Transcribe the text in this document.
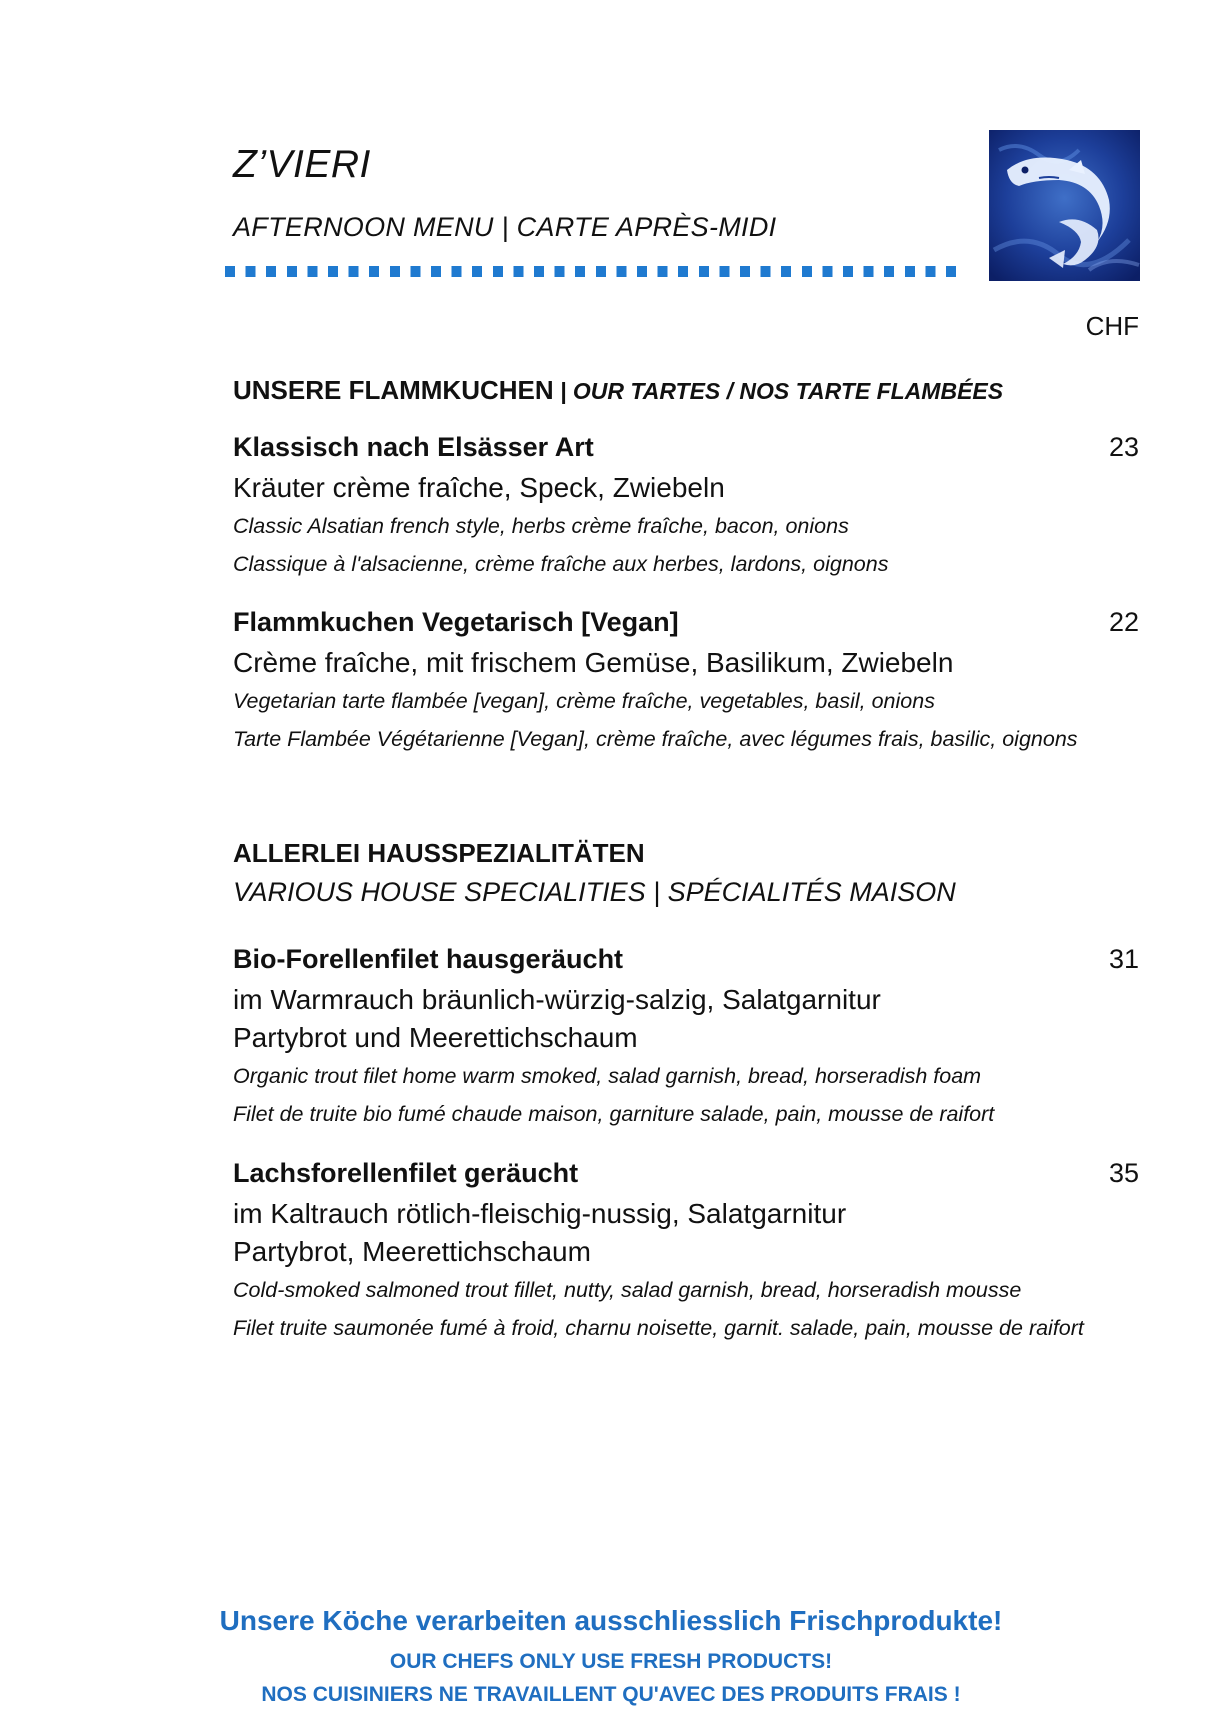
Z’VIERI
AFTERNOON MENU | CARTE APRÈS-MIDI
CHF
UNSERE FLAMMKUCHEN | OUR TARTES / NOS TARTE FLAMBÉES
Klassisch nach Elsässer Art	23
Kräuter crème fraîche, Speck, Zwiebeln
Classic Alsatian french style, herbs crème fraîche, bacon, onions
Classique à l'alsacienne, crème fraîche aux herbes, lardons, oignons
Flammkuchen Vegetarisch [Vegan]	22
Crème fraîche, mit frischem Gemüse, Basilikum, Zwiebeln
Vegetarian tarte flambée [vegan], crème fraîche, vegetables, basil, onions
Tarte Flambée Végétarienne [Vegan], crème fraîche, avec légumes frais, basilic, oignons
ALLERLEI HAUSSPEZIALITÄTEN
VARIOUS HOUSE SPECIALITIES | SPÉCIALITÉS MAISON
Bio-Forellenfilet hausgeräucht	31
im Warmrauch bräunlich-würzig-salzig, Salatgarnitur
Partybrot und Meerettichschaum
Organic trout filet home warm smoked, salad garnish, bread, horseradish foam
Filet de truite bio fumé chaude maison, garniture salade, pain, mousse de raifort
Lachsforellenfilet geräucht	35
im Kaltrauch rötlich-fleischig-nussig, Salatgarnitur
Partybrot, Meerettichschaum
Cold-smoked salmoned trout fillet, nutty, salad garnish, bread, horseradish mousse
Filet truite saumonée fumé à froid, charnu noisette, garnit. salade, pain, mousse de raifort
Unsere Köche verarbeiten ausschliesslich Frischprodukte!
OUR CHEFS ONLY USE FRESH PRODUCTS!
NOS CUISINIERS NE TRAVAILLENT QU'AVEC DES PRODUITS FRAIS !
